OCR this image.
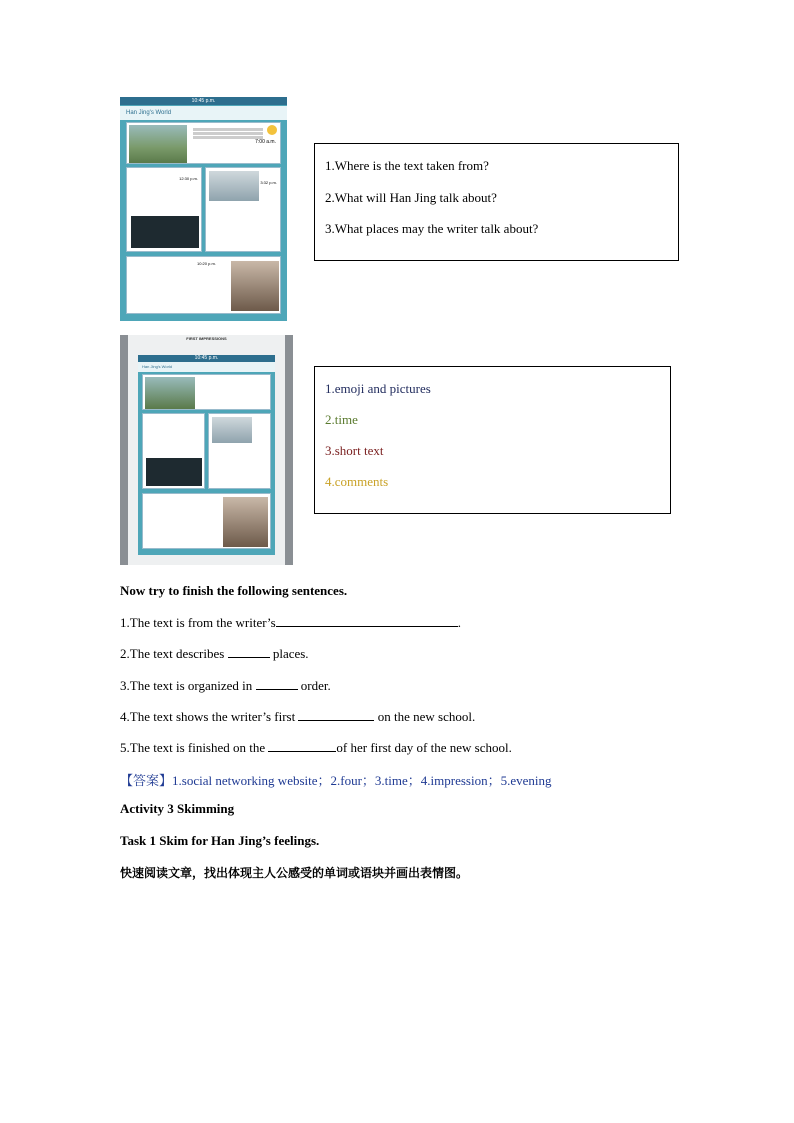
10:45 p.m.
Han Jing's World
7:00 a.m.
12:30 p.m.
3:32 p.m.
10:20 p.m.
1.Where is the text taken from?
2.What will Han Jing talk about?
3.What places may the writer talk about?
FIRST IMPRESSIONS
10:45 p.m.
Han Jing's World
1.emoji and pictures
2.time
3.short text
4.comments
Now try to finish the following sentences.
1.The text is from the writer’s	.
2.The text describes	places.
3.The text is organized in	order.
4.The text shows the writer’s first	on the new school.
5.The text is finished on the	of her first day of the new school.
【答案】1.social networking website；2.four；3.time；4.impression；5.evening
Activity 3 Skimming
Task 1 Skim for Han Jing’s feelings.
快速阅读文章，找出体现主人公感受的单词或语块并画出表情图。
